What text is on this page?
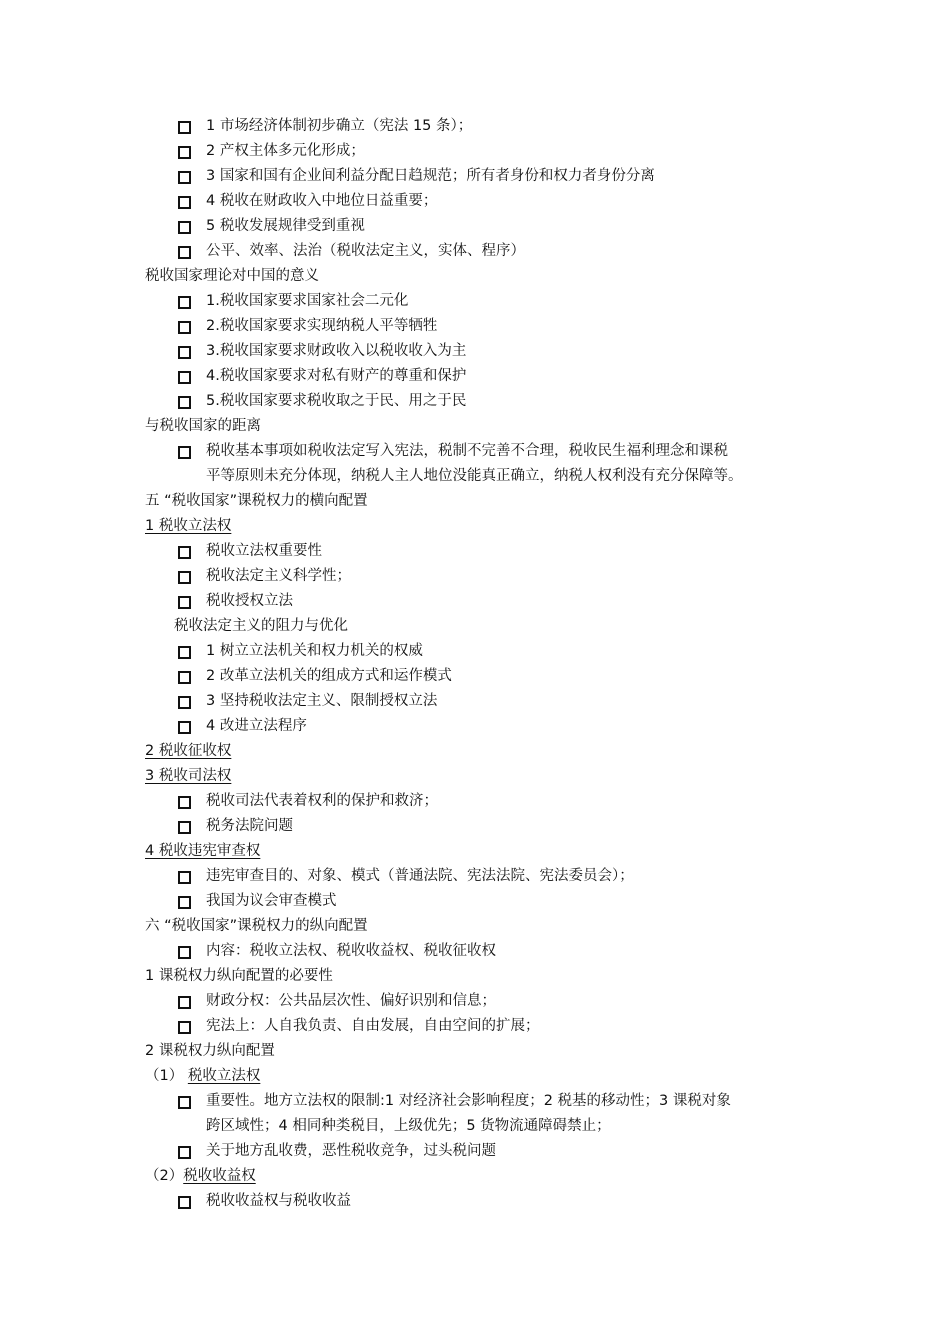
1 市场经济体制初步确立（宪法 15 条）；
2 产权主体多元化形成；
3 国家和国有企业间利益分配日趋规范；所有者身份和权力者身份分离
4 税收在财政收入中地位日益重要；
5 税收发展规律受到重视
公平、效率、法治（税收法定主义，实体、程序）
税收国家理论对中国的意义
1.税收国家要求国家社会二元化
2.税收国家要求实现纳税人平等牺牲
3.税收国家要求财政收入以税收收入为主
4.税收国家要求对私有财产的尊重和保护
5.税收国家要求税收取之于民、用之于民
与税收国家的距离
税收基本事项如税收法定写入宪法，税制不完善不合理，税收民生福利理念和课税
平等原则未充分体现，纳税人主人地位没能真正确立，纳税人权利没有充分保障等。
五 “税收国家”课税权力的横向配置
1 税收立法权
税收立法权重要性
税收法定主义科学性；
税收授权立法
税收法定主义的阻力与优化
1 树立立法机关和权力机关的权威
2 改革立法机关的组成方式和运作模式
3 坚持税收法定主义、限制授权立法
4 改进立法程序
2 税收征收权
3 税收司法权
税收司法代表着权利的保护和救济；
税务法院问题
4 税收违宪审查权
违宪审查目的、对象、模式（普通法院、宪法法院、宪法委员会）；
我国为议会审查模式
六 “税收国家”课税权力的纵向配置
内容：税收立法权、税收收益权、税收征收权
1 课税权力纵向配置的必要性
财政分权：公共品层次性、偏好识别和信息；
宪法上：人自我负责、自由发展，自由空间的扩展；
2 课税权力纵向配置
（1） 税收立法权
重要性。地方立法权的限制:1 对经济社会影响程度；2 税基的移动性；3 课税对象
跨区域性；4 相同种类税目，上级优先；5 货物流通障碍禁止；
关于地方乱收费，恶性税收竞争，过头税问题
（2）税收收益权
税收收益权与税收收益
